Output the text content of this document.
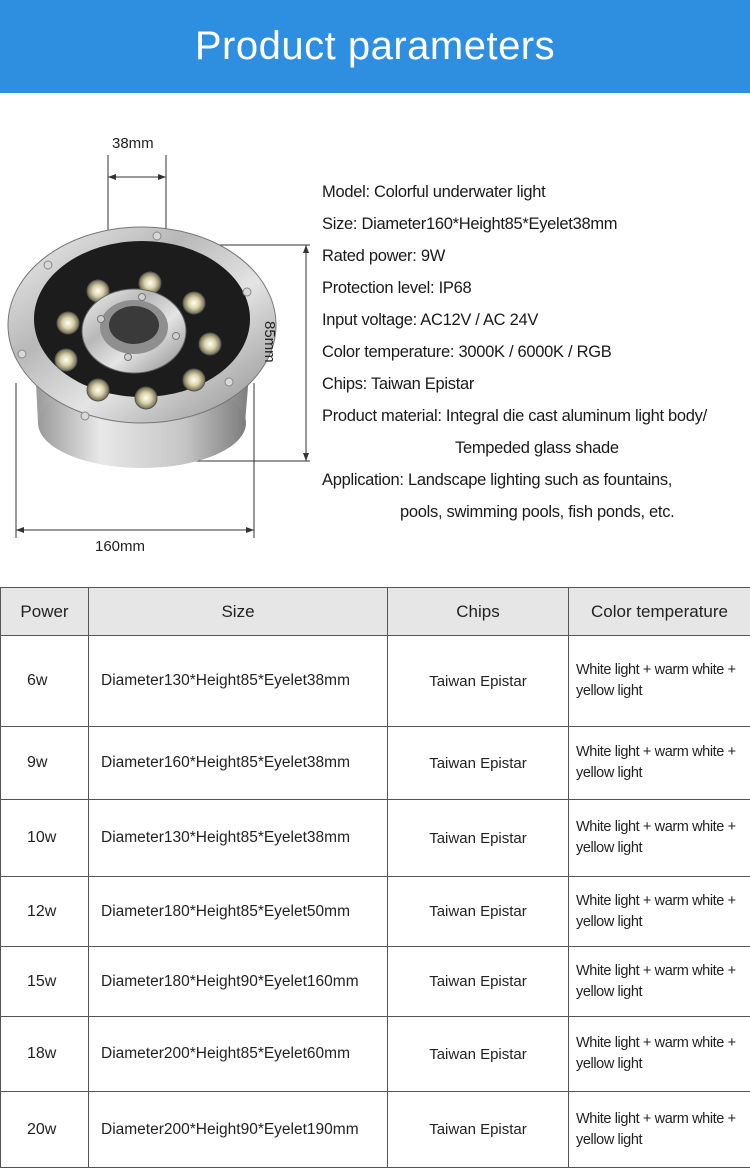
Product parameters
38mm
85mm
160mm
Model: Colorful underwater light
Size: Diameter160*Height85*Eyelet38mm
Rated power: 9W
Protection level: IP68
Input voltage: AC12V / AC 24V
Color temperature: 3000K / 6000K / RGB
Chips: Taiwan Epistar
Product material: Integral die cast aluminum light body/
Tempeded glass shade
Application: Landscape lighting such as fountains,
pools, swimming pools, fish ponds, etc.
Power	Size	Chips	Color temperature
6w	Diameter130*Height85*Eyelet38mm	Taiwan Epistar	White light + warm white + yellow light
9w	Diameter160*Height85*Eyelet38mm	Taiwan Epistar	White light + warm white + yellow light
10w	Diameter130*Height85*Eyelet38mm	Taiwan Epistar	White light + warm white + yellow light
12w	Diameter180*Height85*Eyelet50mm	Taiwan Epistar	White light + warm white + yellow light
15w	Diameter180*Height90*Eyelet160mm	Taiwan Epistar	White light + warm white + yellow light
18w	Diameter200*Height85*Eyelet60mm	Taiwan Epistar	White light + warm white + yellow light
20w	Diameter200*Height90*Eyelet190mm	Taiwan Epistar	White light + warm white + yellow light
